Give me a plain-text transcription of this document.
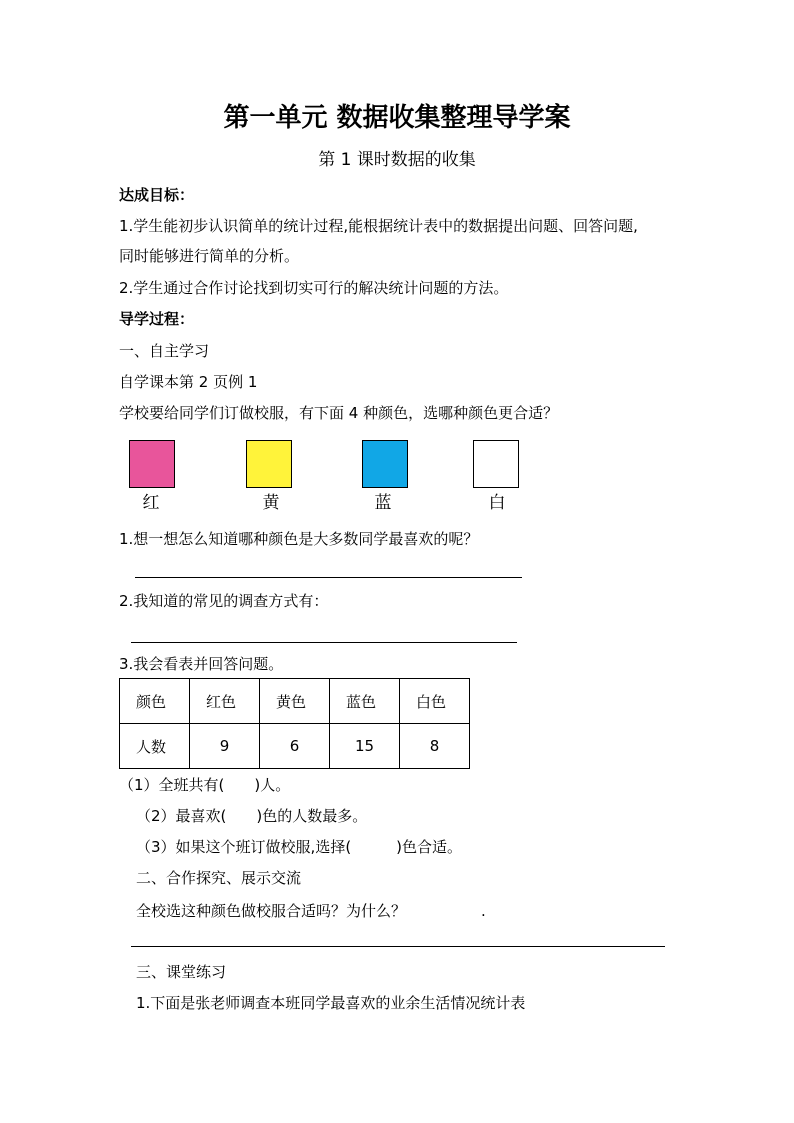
第一单元 数据收集整理导学案
第 1 课时数据的收集
达成目标：
1.学生能初步认识简单的统计过程,能根据统计表中的数据提出问题、回答问题,
同时能够进行简单的分析。
2.学生通过合作讨论找到切实可行的解决统计问题的方法。
导学过程：
一、自主学习
自学课本第 2 页例 1
学校要给同学们订做校服，有下面 4 种颜色，选哪种颜色更合适？
红	黄	蓝	白
1.想一想怎么知道哪种颜色是大多数同学最喜欢的呢？
2.我知道的常见的调查方式有：
3.我会看表并回答问题。
颜色	红色	黄色	蓝色	白色
人数	9	6	15	8
（1）全班共有(　　)人。
（2）最喜欢(　　)色的人数最多。
（3）如果这个班订做校服,选择(　　　)色合适。
二、合作探究、展示交流
全校选这种颜色做校服合适吗？为什么？	.
三、课堂练习
1.下面是张老师调查本班同学最喜欢的业余生活情况统计表
